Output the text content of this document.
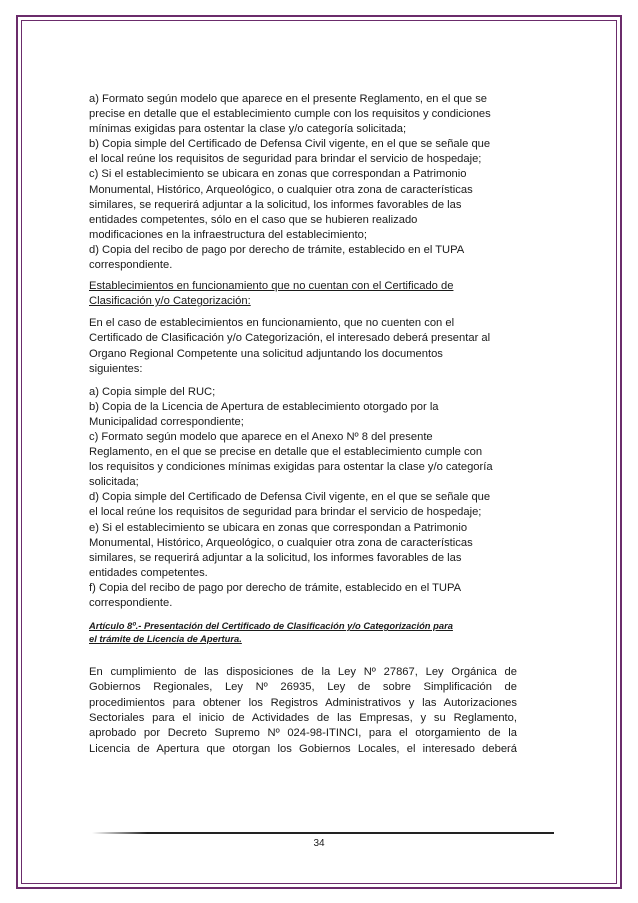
a) Formato según modelo que aparece en el presente Reglamento, en el que se
precise en detalle que el establecimiento cumple con los requisitos y condiciones
mínimas exigidas para ostentar la clase y/o categoría solicitada;
b) Copia simple del Certificado de Defensa Civil vigente, en el que se señale que
el local reúne los requisitos de seguridad para brindar el servicio de hospedaje;
c) Si el establecimiento se ubicara en zonas que correspondan a Patrimonio
Monumental, Histórico, Arqueológico, o cualquier otra zona de características
similares, se requerirá adjuntar a la solicitud, los informes favorables de las
entidades competentes, sólo en el caso que se hubieren realizado
modificaciones en la infraestructura del establecimiento;
d) Copia del recibo de pago por derecho de trámite, establecido en el TUPA
correspondiente.
Establecimientos en funcionamiento que no cuentan con el Certificado de
Clasificación y/o Categorización:
En el caso de establecimientos en funcionamiento, que no cuenten con el
Certificado de Clasificación y/o Categorización, el interesado deberá presentar al
Organo Regional Competente una solicitud adjuntando los documentos
siguientes:
a) Copia simple del RUC;
b) Copia de la Licencia de Apertura de establecimiento otorgado por la
Municipalidad correspondiente;
c) Formato según modelo que aparece en el Anexo Nº 8 del presente
Reglamento, en el que se precise en detalle que el establecimiento cumple con
los requisitos y condiciones mínimas exigidas para ostentar la clase y/o categoría
solicitada;
d) Copia simple del Certificado de Defensa Civil vigente, en el que se señale que
el local reúne los requisitos de seguridad para brindar el servicio de hospedaje;
e) Si el establecimiento se ubicara en zonas que correspondan a Patrimonio
Monumental, Histórico, Arqueológico, o cualquier otra zona de características
similares, se requerirá adjuntar a la solicitud, los informes favorables de las
entidades competentes.
f) Copia del recibo de pago por derecho de trámite, establecido en el TUPA
correspondiente.
Artículo 8º.- Presentación del Certificado de Clasificación y/o Categorización para
el trámite de Licencia de Apertura.
En cumplimiento de las disposiciones de la Ley Nº 27867, Ley Orgánica de
Gobiernos Regionales, Ley Nº 26935, Ley de sobre Simplificación de
procedimientos para obtener los Registros Administrativos y las Autorizaciones
Sectoriales para el inicio de Actividades de las Empresas, y su Reglamento,
aprobado por Decreto Supremo Nº 024-98-ITINCI, para el otorgamiento de la
Licencia de Apertura que otorgan los Gobiernos Locales, el interesado deberá
34
